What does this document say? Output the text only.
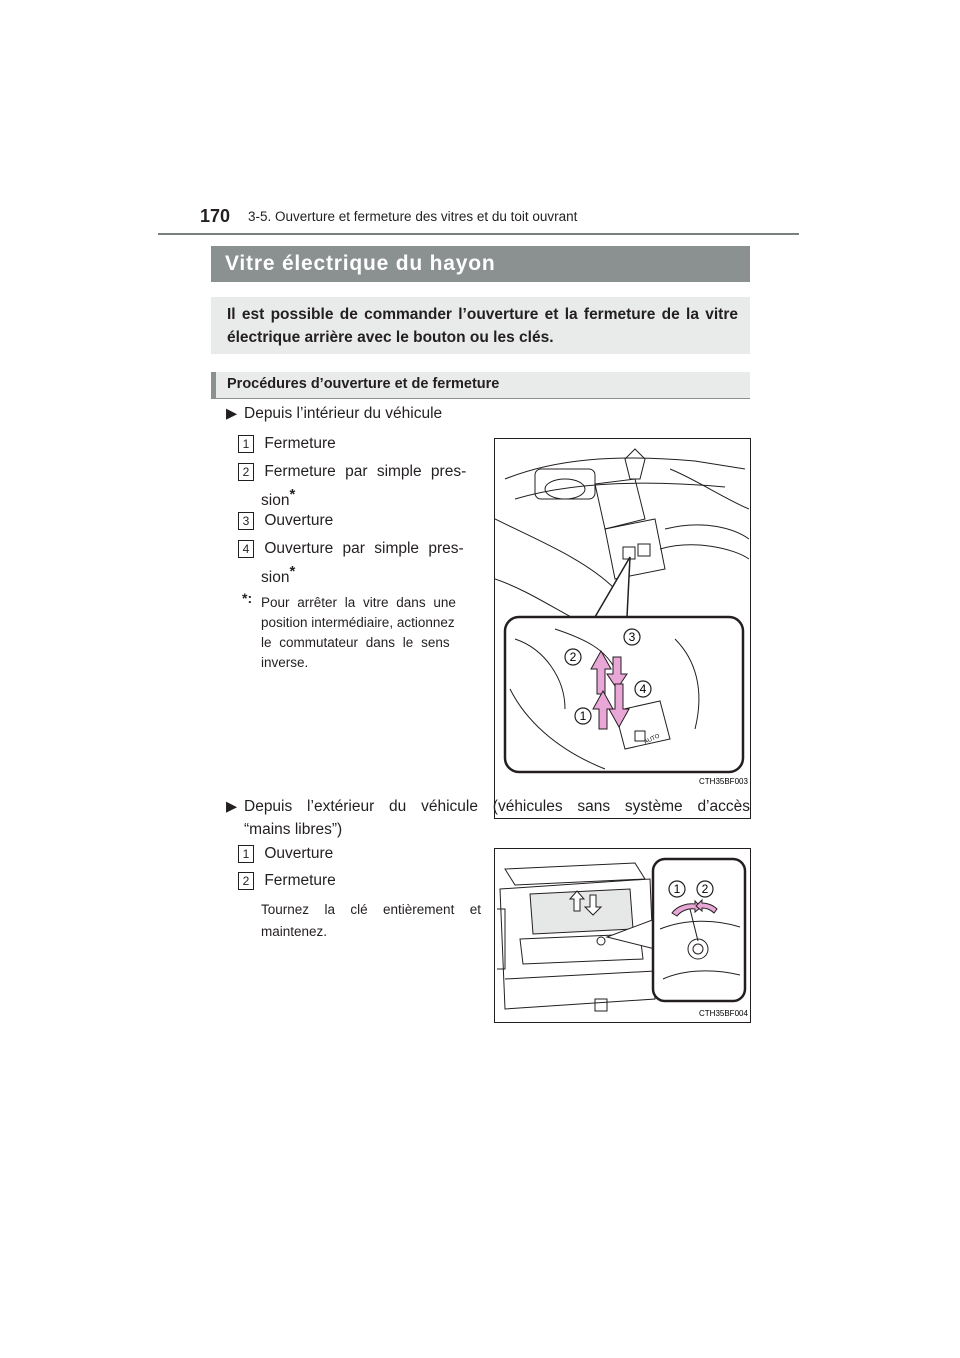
170 3-5. Ouverture et fermeture des vitres et du toit ouvrant
Vitre électrique du hayon

Il est possible de commander l’ouverture et la fermeture de la vitre électrique arrière avec le bouton ou les clés.

Procédures d’ouverture et de fermeture
▶ Depuis l’intérieur du véhicule
1 Fermeture
2 Fermeture par simple pres-
sion*
3 Ouverture
4 Ouverture par simple pres-
sion*
*: Pour arrêter la vitre dans une
position intermédiaire, actionnez
le commutateur dans le sens
inverse.
AUTO
1
2
3
4
CTH35BF003
▶ Depuis l’extérieur du véhicule (véhicules sans système d’accès
“mains libres”)
1 Ouverture
2 Fermeture
Tournez la clé entièrement et
maintenez.
1 2
CTH35BF004
